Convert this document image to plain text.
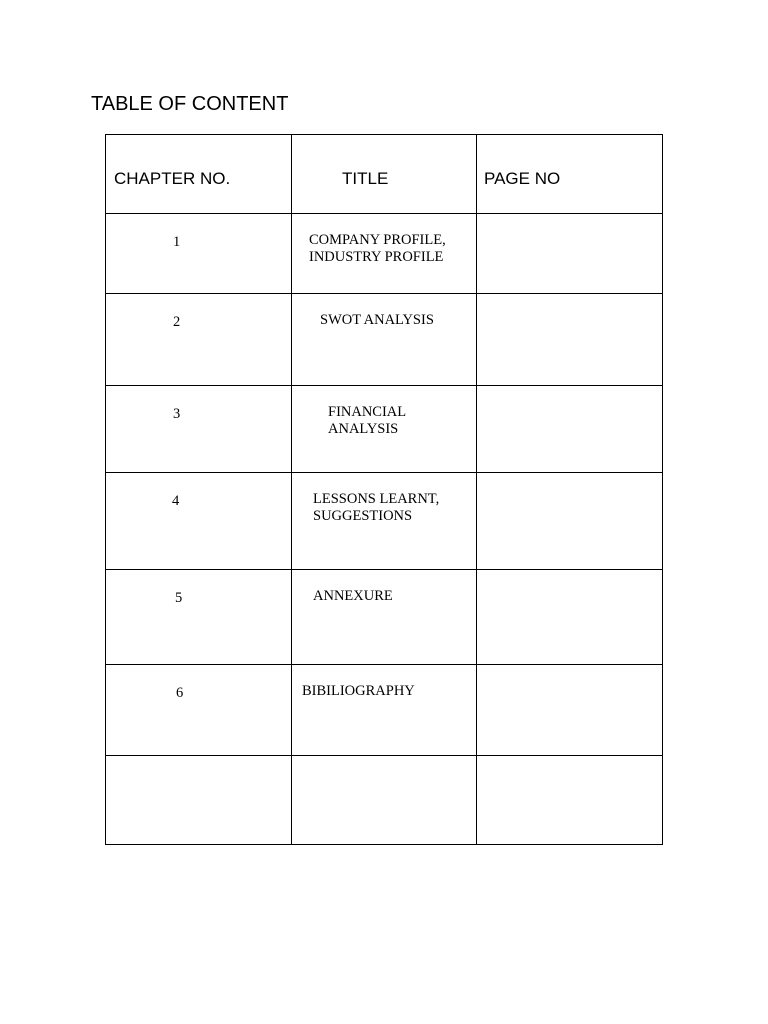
TABLE OF CONTENT
CHAPTER NO.	TITLE	PAGE NO

1	COMPANY PROFILE,
INDUSTRY PROFILE	

2	SWOT ANALYSIS	

3	FINANCIAL
ANALYSIS	

4	LESSONS LEARNT,
SUGGESTIONS	

5	ANNEXURE	

6	BIBILIOGRAPHY	
